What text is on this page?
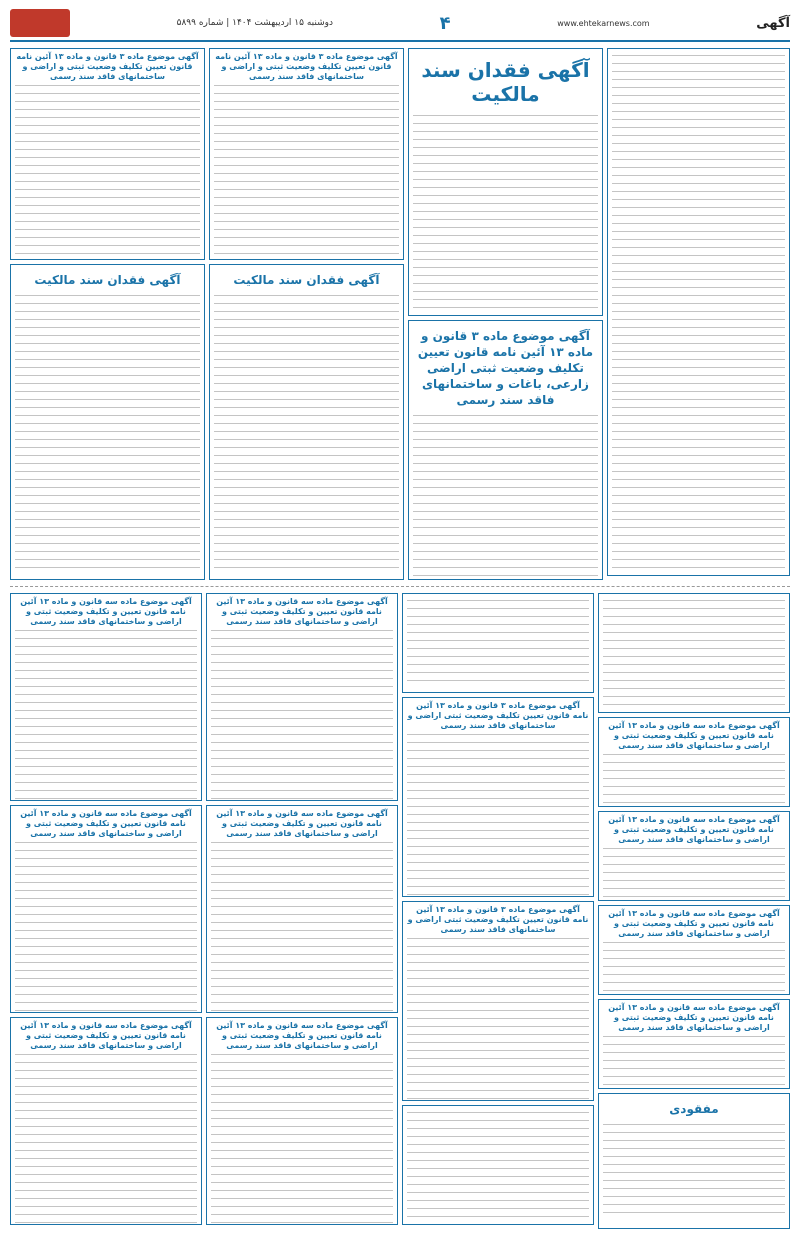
دوشنبه ۱۵ اردیبهشت ۱۴۰۴ | شماره ۵۸۹۹	۴	www.ehtekarnews.com	آگهی
آگهی موضوع ماده ۳ قانون و ماده ۱۳ آئین نامه قانون تعیین تکلیف وضعیت ثبتی و اراضی و ساختمانهای فاقد سند رسمی
آگهی فقدان سند مالکیت
آگهی موضوع ماده ۳ قانون و ماده ۱۳ آئین نامه قانون تعیین تکلیف وضعیت ثبتی و اراضی و ساختمانهای فاقد سند رسمی
آگهی فقدان سند مالکیت
آگهی فقدان سند مالکیت
آگهی موضوع ماده ۳ قانون و ماده ۱۳ آئین نامه قانون تعیین تکلیف وضعیت ثبتی اراضی زارعی، باغات و ساختمانهای فاقد سند رسمی
آگهی موضوع ماده سه قانون و ماده ۱۳ آئین نامه قانون تعیین و تکلیف وضعیت ثبتی و اراضی و ساختمانهای فاقد سند رسمی
آگهی موضوع ماده سه قانون و ماده ۱۳ آئین نامه قانون تعیین و تکلیف وضعیت ثبتی و اراضی و ساختمانهای فاقد سند رسمی
آگهی موضوع ماده سه قانون و ماده ۱۳ آئین نامه قانون تعیین و تکلیف وضعیت ثبتی و اراضی و ساختمانهای فاقد سند رسمی
آگهی موضوع ماده سه قانون و ماده ۱۳ آئین نامه قانون تعیین و تکلیف وضعیت ثبتی و اراضی و ساختمانهای فاقد سند رسمی
آگهی موضوع ماده سه قانون و ماده ۱۳ آئین نامه قانون تعیین و تکلیف وضعیت ثبتی و اراضی و ساختمانهای فاقد سند رسمی
آگهی موضوع ماده سه قانون و ماده ۱۳ آئین نامه قانون تعیین و تکلیف وضعیت ثبتی و اراضی و ساختمانهای فاقد سند رسمی
آگهی موضوع ماده ۳ قانون و ماده ۱۳ آئین نامه قانون تعیین تکلیف وضعیت ثبتی اراضی و ساختمانهای فاقد سند رسمی
آگهی موضوع ماده ۳ قانون و ماده ۱۳ آئین نامه قانون تعیین تکلیف وضعیت ثبتی اراضی و ساختمانهای فاقد سند رسمی
آگهی موضوع ماده سه قانون و ماده ۱۳ آئین نامه قانون تعیین و تکلیف وضعیت ثبتی و اراضی و ساختمانهای فاقد سند رسمی
آگهی موضوع ماده سه قانون و ماده ۱۳ آئین نامه قانون تعیین و تکلیف وضعیت ثبتی و اراضی و ساختمانهای فاقد سند رسمی
آگهی موضوع ماده سه قانون و ماده ۱۳ آئین نامه قانون تعیین و تکلیف وضعیت ثبتی و اراضی و ساختمانهای فاقد سند رسمی
آگهی موضوع ماده سه قانون و ماده ۱۳ آئین نامه قانون تعیین و تکلیف وضعیت ثبتی و اراضی و ساختمانهای فاقد سند رسمی
مفقودی
